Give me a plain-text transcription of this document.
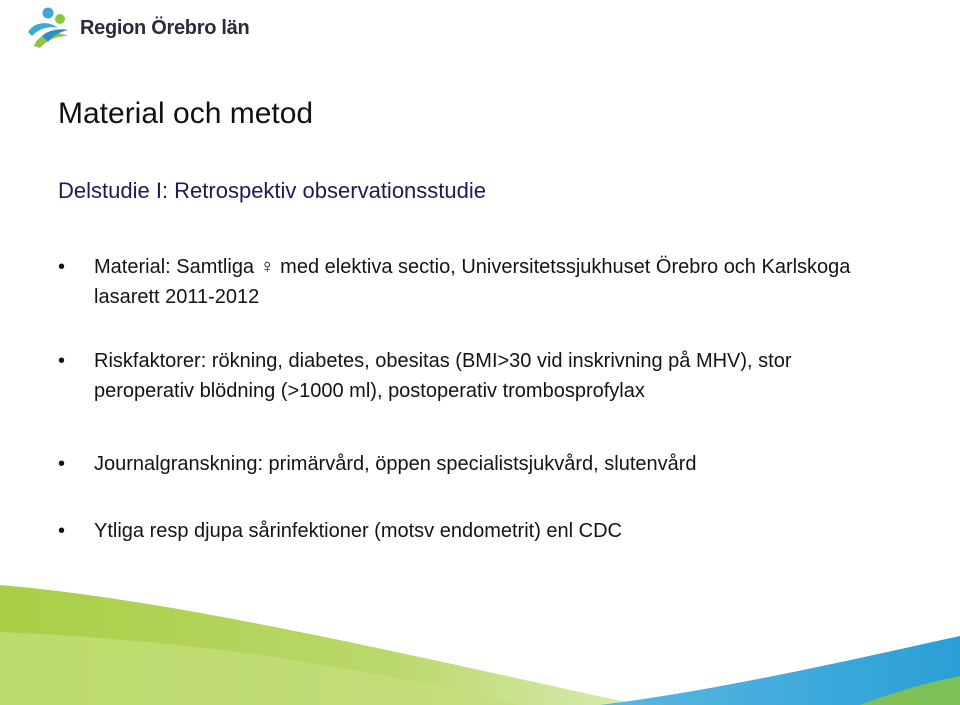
Region Örebro län
Material och metod
Delstudie I: Retrospektiv observationsstudie
•	Material: Samtliga ♀ med elektiva sectio, Universitetssjukhuset Örebro och Karlskoga lasarett 2011-2012
•	Riskfaktorer: rökning, diabetes, obesitas (BMI>30 vid inskrivning på MHV), stor peroperativ blödning (>1000 ml), postoperativ trombosprofylax
•	Journalgranskning: primärvård, öppen specialistsjukvård, slutenvård
•	Ytliga resp djupa sårinfektioner (motsv endometrit) enl CDC
